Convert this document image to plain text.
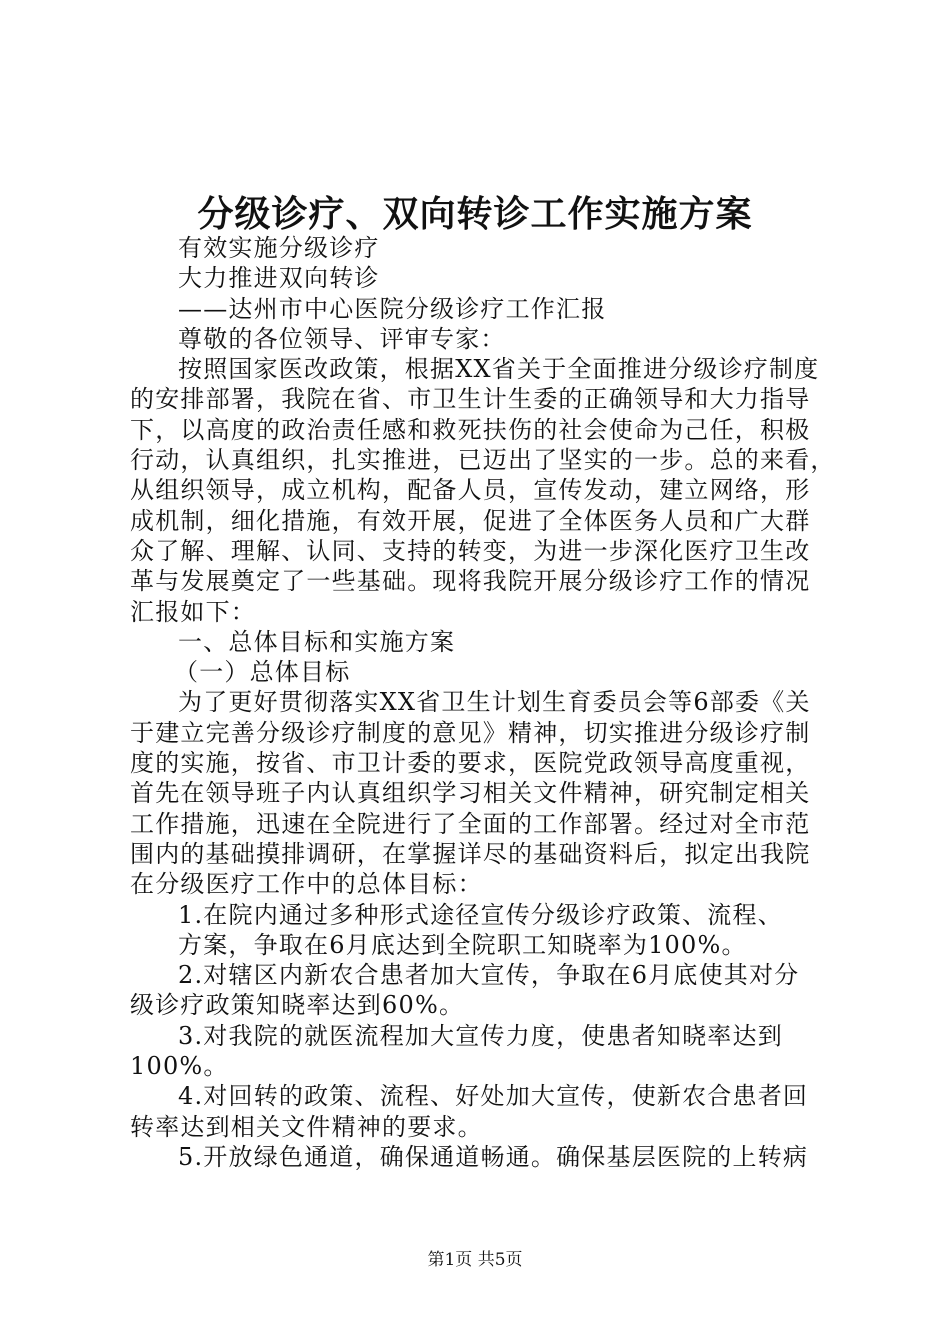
分级诊疗、双向转诊工作实施方案
有效实施分级诊疗
大力推进双向转诊
——达州市中心医院分级诊疗工作汇报
尊敬的各位领导、评审专家：
按照国家医改政策，根据XX省关于全面推进分级诊疗制度
的安排部署，我院在省、市卫生计生委的正确领导和大力指导
下，以高度的政治责任感和救死扶伤的社会使命为己任，积极
行动，认真组织，扎实推进，已迈出了坚实的一步。总的来看，
从组织领导，成立机构，配备人员，宣传发动，建立网络，形
成机制，细化措施，有效开展，促进了全体医务人员和广大群
众了解、理解、认同、支持的转变，为进一步深化医疗卫生改
革与发展奠定了一些基础。现将我院开展分级诊疗工作的情况
汇报如下：
一、总体目标和实施方案
（一）总体目标
为了更好贯彻落实XX省卫生计划生育委员会等6部委《关
于建立完善分级诊疗制度的意见》精神，切实推进分级诊疗制
度的实施，按省、市卫计委的要求，医院党政领导高度重视，
首先在领导班子内认真组织学习相关文件精神，研究制定相关
工作措施，迅速在全院进行了全面的工作部署。经过对全市范
围内的基础摸排调研，在掌握详尽的基础资料后，拟定出我院
在分级医疗工作中的总体目标：
1.在院内通过多种形式途径宣传分级诊疗政策、流程、
方案，争取在6月底达到全院职工知晓率为100%。
2.对辖区内新农合患者加大宣传，争取在6月底使其对分
级诊疗政策知晓率达到60%。
3.对我院的就医流程加大宣传力度，使患者知晓率达到
100%。
4.对回转的政策、流程、好处加大宣传，使新农合患者回
转率达到相关文件精神的要求。
5.开放绿色通道，确保通道畅通。确保基层医院的上转病
第1页 共5页
